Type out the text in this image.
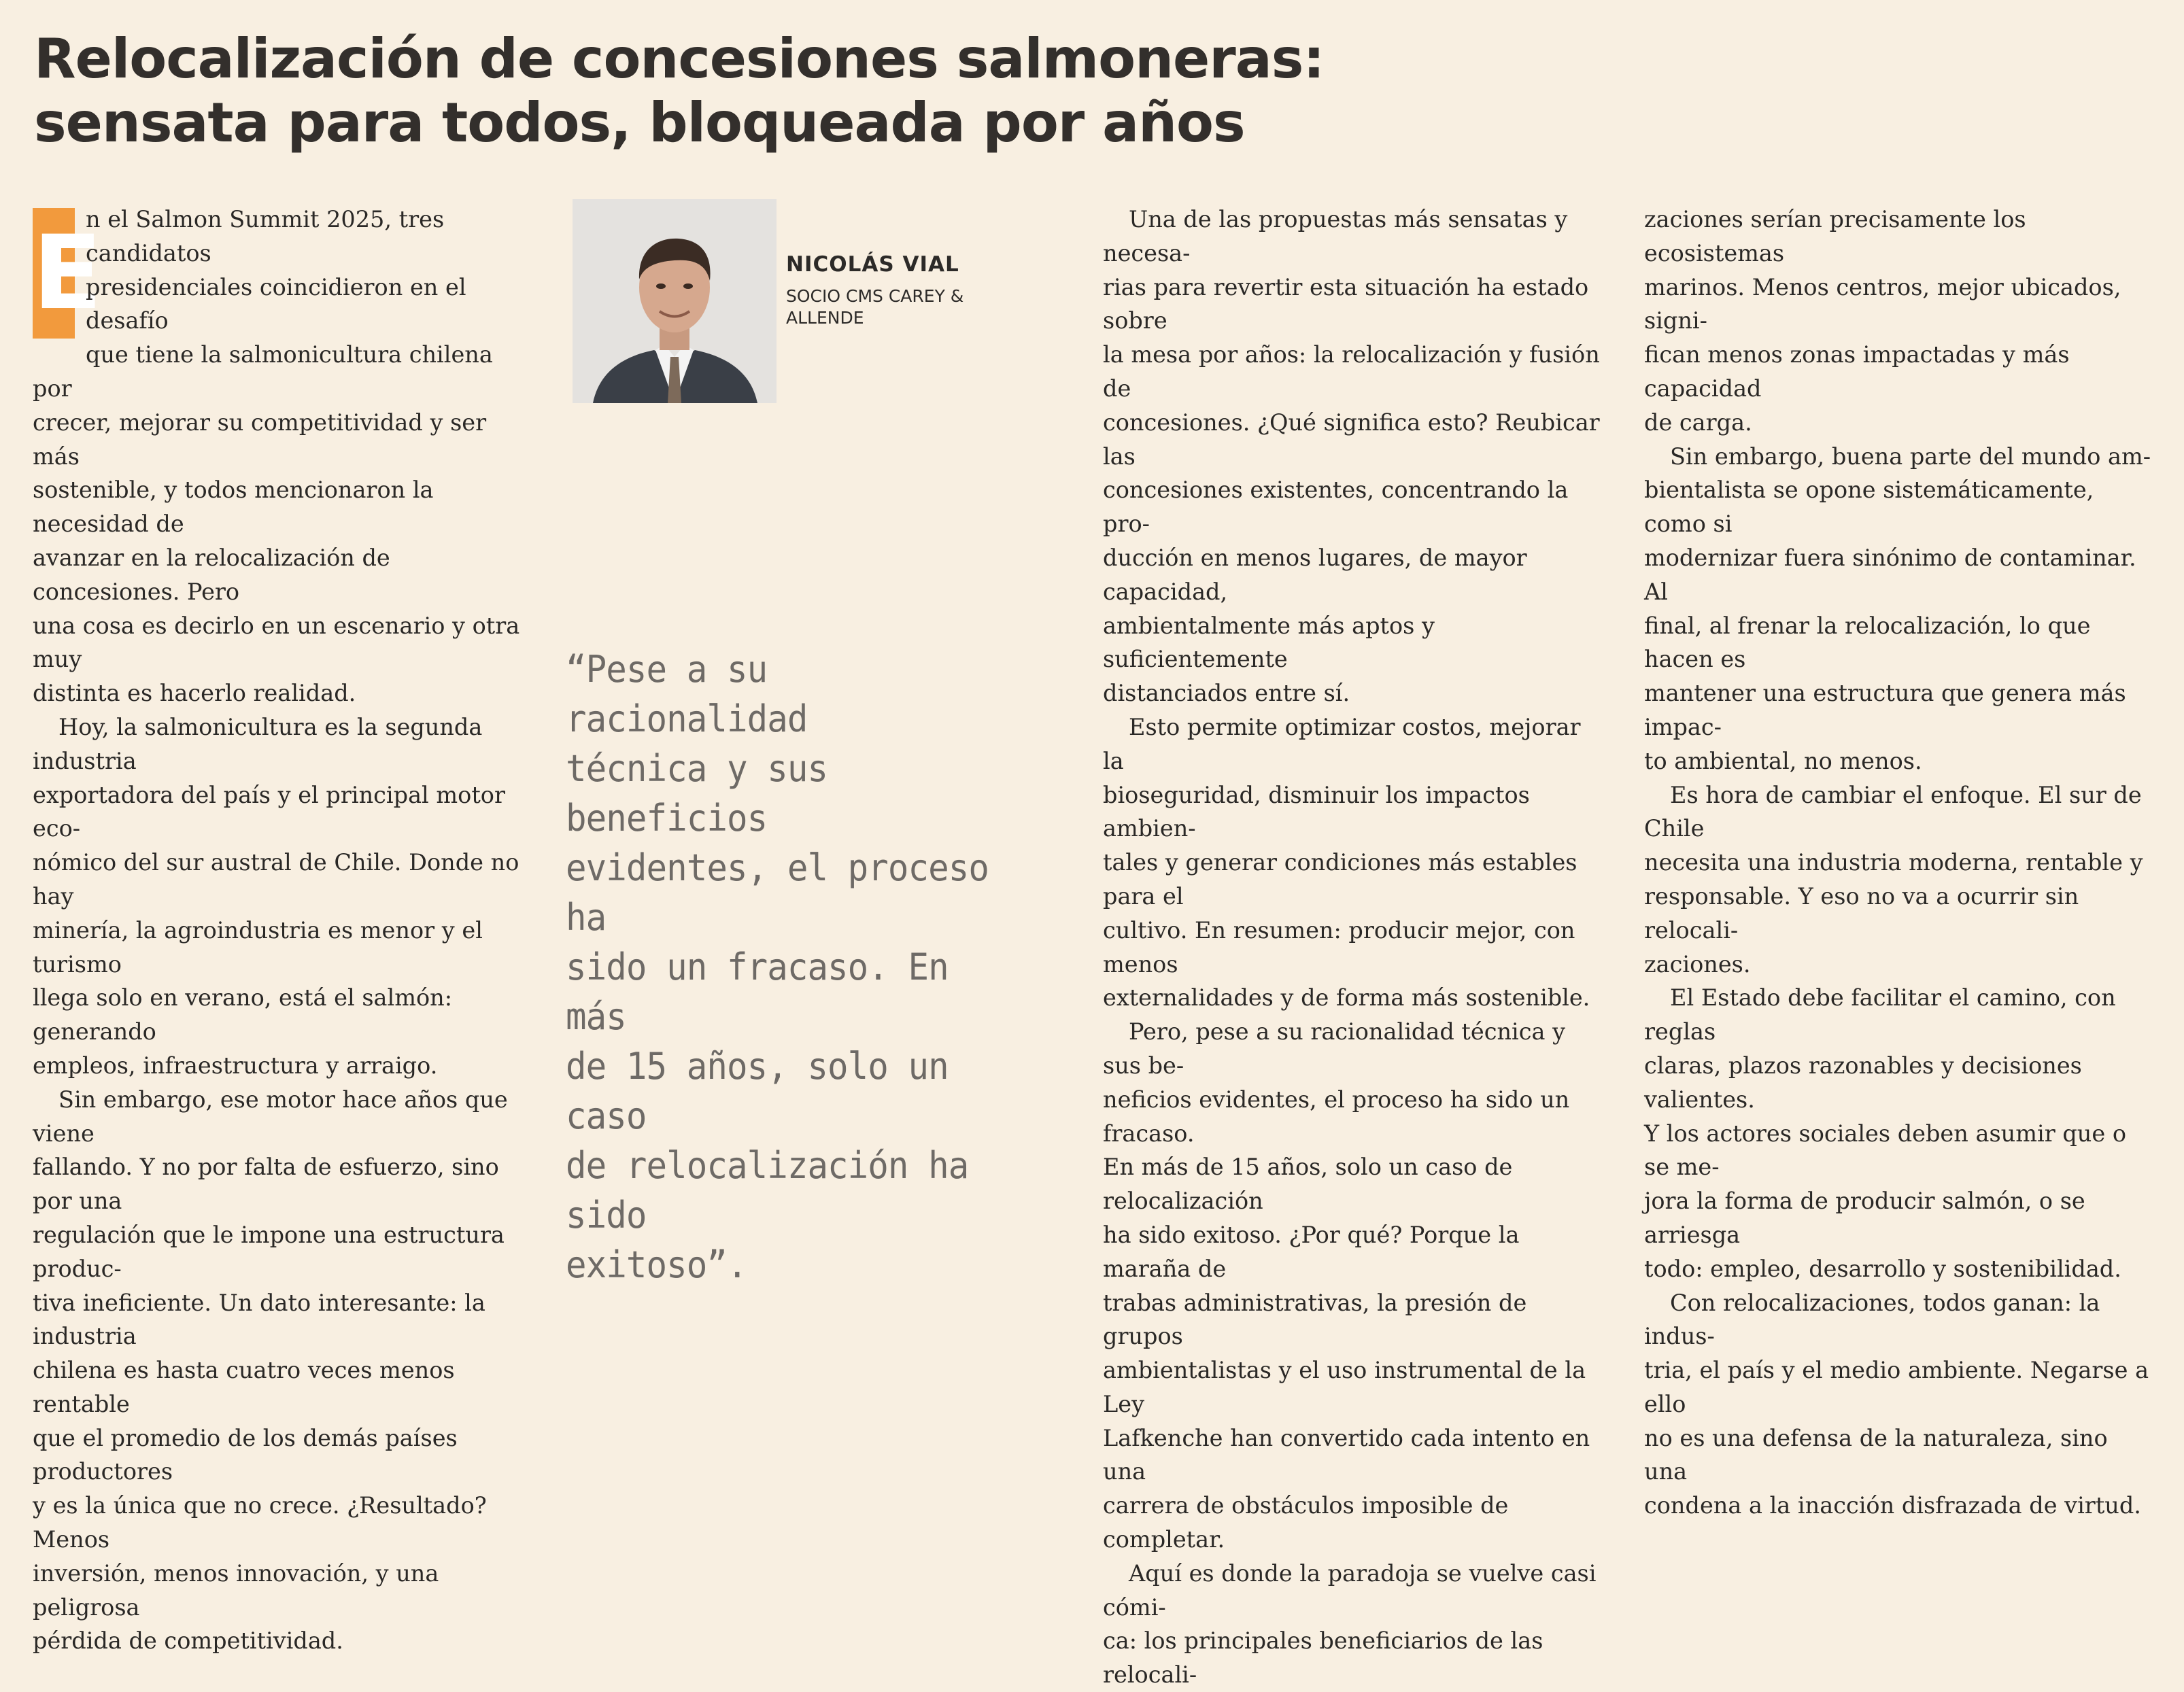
Relocalización de concesiones salmoneras:
sensata para todos, bloqueada por años

E
n el Salmon Summit 2025, tres candidatos
presidenciales coincidieron en el desafío
que tiene la salmonicultura chilena por
crecer, mejorar su competitividad y ser más
sostenible, y todos mencionaron la necesidad de
avanzar en la relocalización de concesiones. Pero
una cosa es decirlo en un escenario y otra muy
distinta es hacerlo realidad.

Hoy, la salmonicultura es la segunda industria
exportadora del país y el principal motor eco-
nómico del sur austral de Chile. Donde no hay
minería, la agroindustria es menor y el turismo
llega solo en verano, está el salmón: generando
empleos, infraestructura y arraigo.

Sin embargo, ese motor hace años que viene
fallando. Y no por falta de esfuerzo, sino por una
regulación que le impone una estructura produc-
tiva ineficiente. Un dato interesante: la industria
chilena es hasta cuatro veces menos rentable
que el promedio de los demás países productores
y es la única que no crece. ¿Resultado? Menos
inversión, menos innovación, y una peligrosa
pérdida de competitividad.

NICOLÁS VIAL
SOCIO CMS CAREY & ALLENDE
“Pese a su racionalidad
técnica y sus beneficios
evidentes, el proceso ha
sido un fracaso. En más
de 15 años, solo un caso
de relocalización ha sido
exitoso”.

Una de las propuestas más sensatas y necesa-
rias para revertir esta situación ha estado sobre
la mesa por años: la relocalización y fusión de
concesiones. ¿Qué significa esto? Reubicar las
concesiones existentes, concentrando la pro-
ducción en menos lugares, de mayor capacidad,
ambientalmente más aptos y suficientemente
distanciados entre sí.

Esto permite optimizar costos, mejorar la
bioseguridad, disminuir los impactos ambien-
tales y generar condiciones más estables para el
cultivo. En resumen: producir mejor, con menos
externalidades y de forma más sostenible.

Pero, pese a su racionalidad técnica y sus be-
neficios evidentes, el proceso ha sido un fracaso.
En más de 15 años, solo un caso de relocalización
ha sido exitoso. ¿Por qué? Porque la maraña de
trabas administrativas, la presión de grupos
ambientalistas y el uso instrumental de la Ley
Lafkenche han convertido cada intento en una
carrera de obstáculos imposible de completar.

Aquí es donde la paradoja se vuelve casi cómi-
ca: los principales beneficiarios de las relocali-

zaciones serían precisamente los ecosistemas
marinos. Menos centros, mejor ubicados, signi-
fican menos zonas impactadas y más capacidad
de carga.

Sin embargo, buena parte del mundo am-
bientalista se opone sistemáticamente, como si
modernizar fuera sinónimo de contaminar. Al
final, al frenar la relocalización, lo que hacen es
mantener una estructura que genera más impac-
to ambiental, no menos.

Es hora de cambiar el enfoque. El sur de Chile
necesita una industria moderna, rentable y
responsable. Y eso no va a ocurrir sin relocali-
zaciones.

El Estado debe facilitar el camino, con reglas
claras, plazos razonables y decisiones valientes.
Y los actores sociales deben asumir que o se me-
jora la forma de producir salmón, o se arriesga
todo: empleo, desarrollo y sostenibilidad.

Con relocalizaciones, todos ganan: la indus-
tria, el país y el medio ambiente. Negarse a ello
no es una defensa de la naturaleza, sino una
condena a la inacción disfrazada de virtud.
